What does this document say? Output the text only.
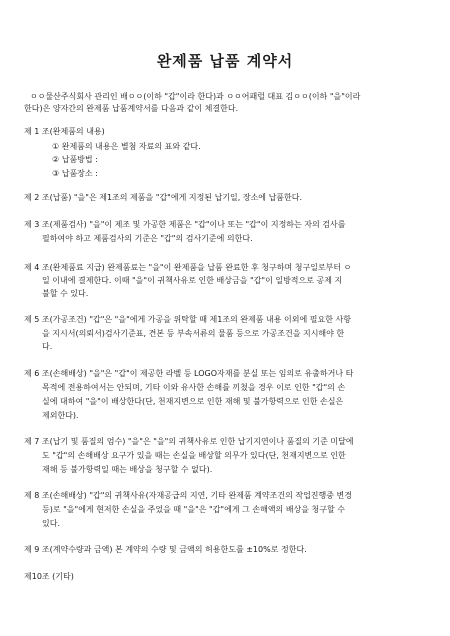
완제품 납품 계약서
ㅇㅇ물산주식회사 관리인 배ㅇㅇ(이하 "갑"이라 한다)과 ㅇㅇ어패럴 대표 김ㅇㅇ(이하 "을"이라
한다)은 양자간의 완제품 납품계약서를 다음과 같이 체결한다.
제 1 조(완제품의 내용)
① 완제품의 내용은 별첨 자료의 표와 같다.
② 납품방법 :
③ 납품장소 :
제 2 조(납품) "을"은 제1조의 제품을 "갑"에게 지정된 납기일, 장소에 납품한다.
제 3 조(제품검사) "을"이 제조 및 가공한 제품은 "갑"이나 또는 "갑"이 지정하는 자의 검사를
필하여야 하고 제품검사의 기준은 "갑"의 검사기준에 의한다.
제 4 조(완제품료 지급) 완제품료는 "을"이 완제품을 납품 완료한 후 청구하며 청구일로부터 ㅇ
일 이내에 결제한다. 이때 "을"이 귀책사유로 인한 배상금을 "갑"이 일방적으로 공제 지
불할 수 있다.
제 5 조(가공조건) "갑"은 "을"에게 가공을 위탁할 때 제1조의 완제품 내용 이외에 필요한 사항
을 지시서(의뢰서)검사기준표, 견본 등 부속서류의 물품 등으로 가공조건을 지시해야 한
다.
제 6 조(손해배상) "을"은 "갑"이 제공한 라벨 등 LOGO자재를 분실 또는 임의로 유출하거나 타
목적에 전용하여서는 안되며, 기타 이와 유사한 손해를 끼쳤을 경우 이로 인한 "갑"의 손
실에 대하여 "을"이 배상한다(단, 천재지변으로 인한 재해 및 불가항력으로 인한 손실은
제외한다).
제 7 조(납기 및 품질의 엄수) "을"은 "을"의 귀책사유로 인한 납기지연이나 품질의 기준 미달에
도 "갑"의 손해배상 요구가 있을 때는 손실을 배상할 의무가 있다(단, 천재지변으로 인한
재해 등 불가항력일 때는 배상을 청구할 수 없다).
제 8 조(손해배상) "갑"의 귀책사유(자재공급의 지연, 기타 완제품 계약조건의 작업진행중 변경
등)로 "을"에게 현저한 손실을 주었을 때 "을"은 "갑"에게 그 손해액의 배상을 청구할 수
있다.
제 9 조(계약수량과 금액) 본 계약의 수량 및 금액의 허용한도를 ±10%로 정한다.
제10조 (기타)
